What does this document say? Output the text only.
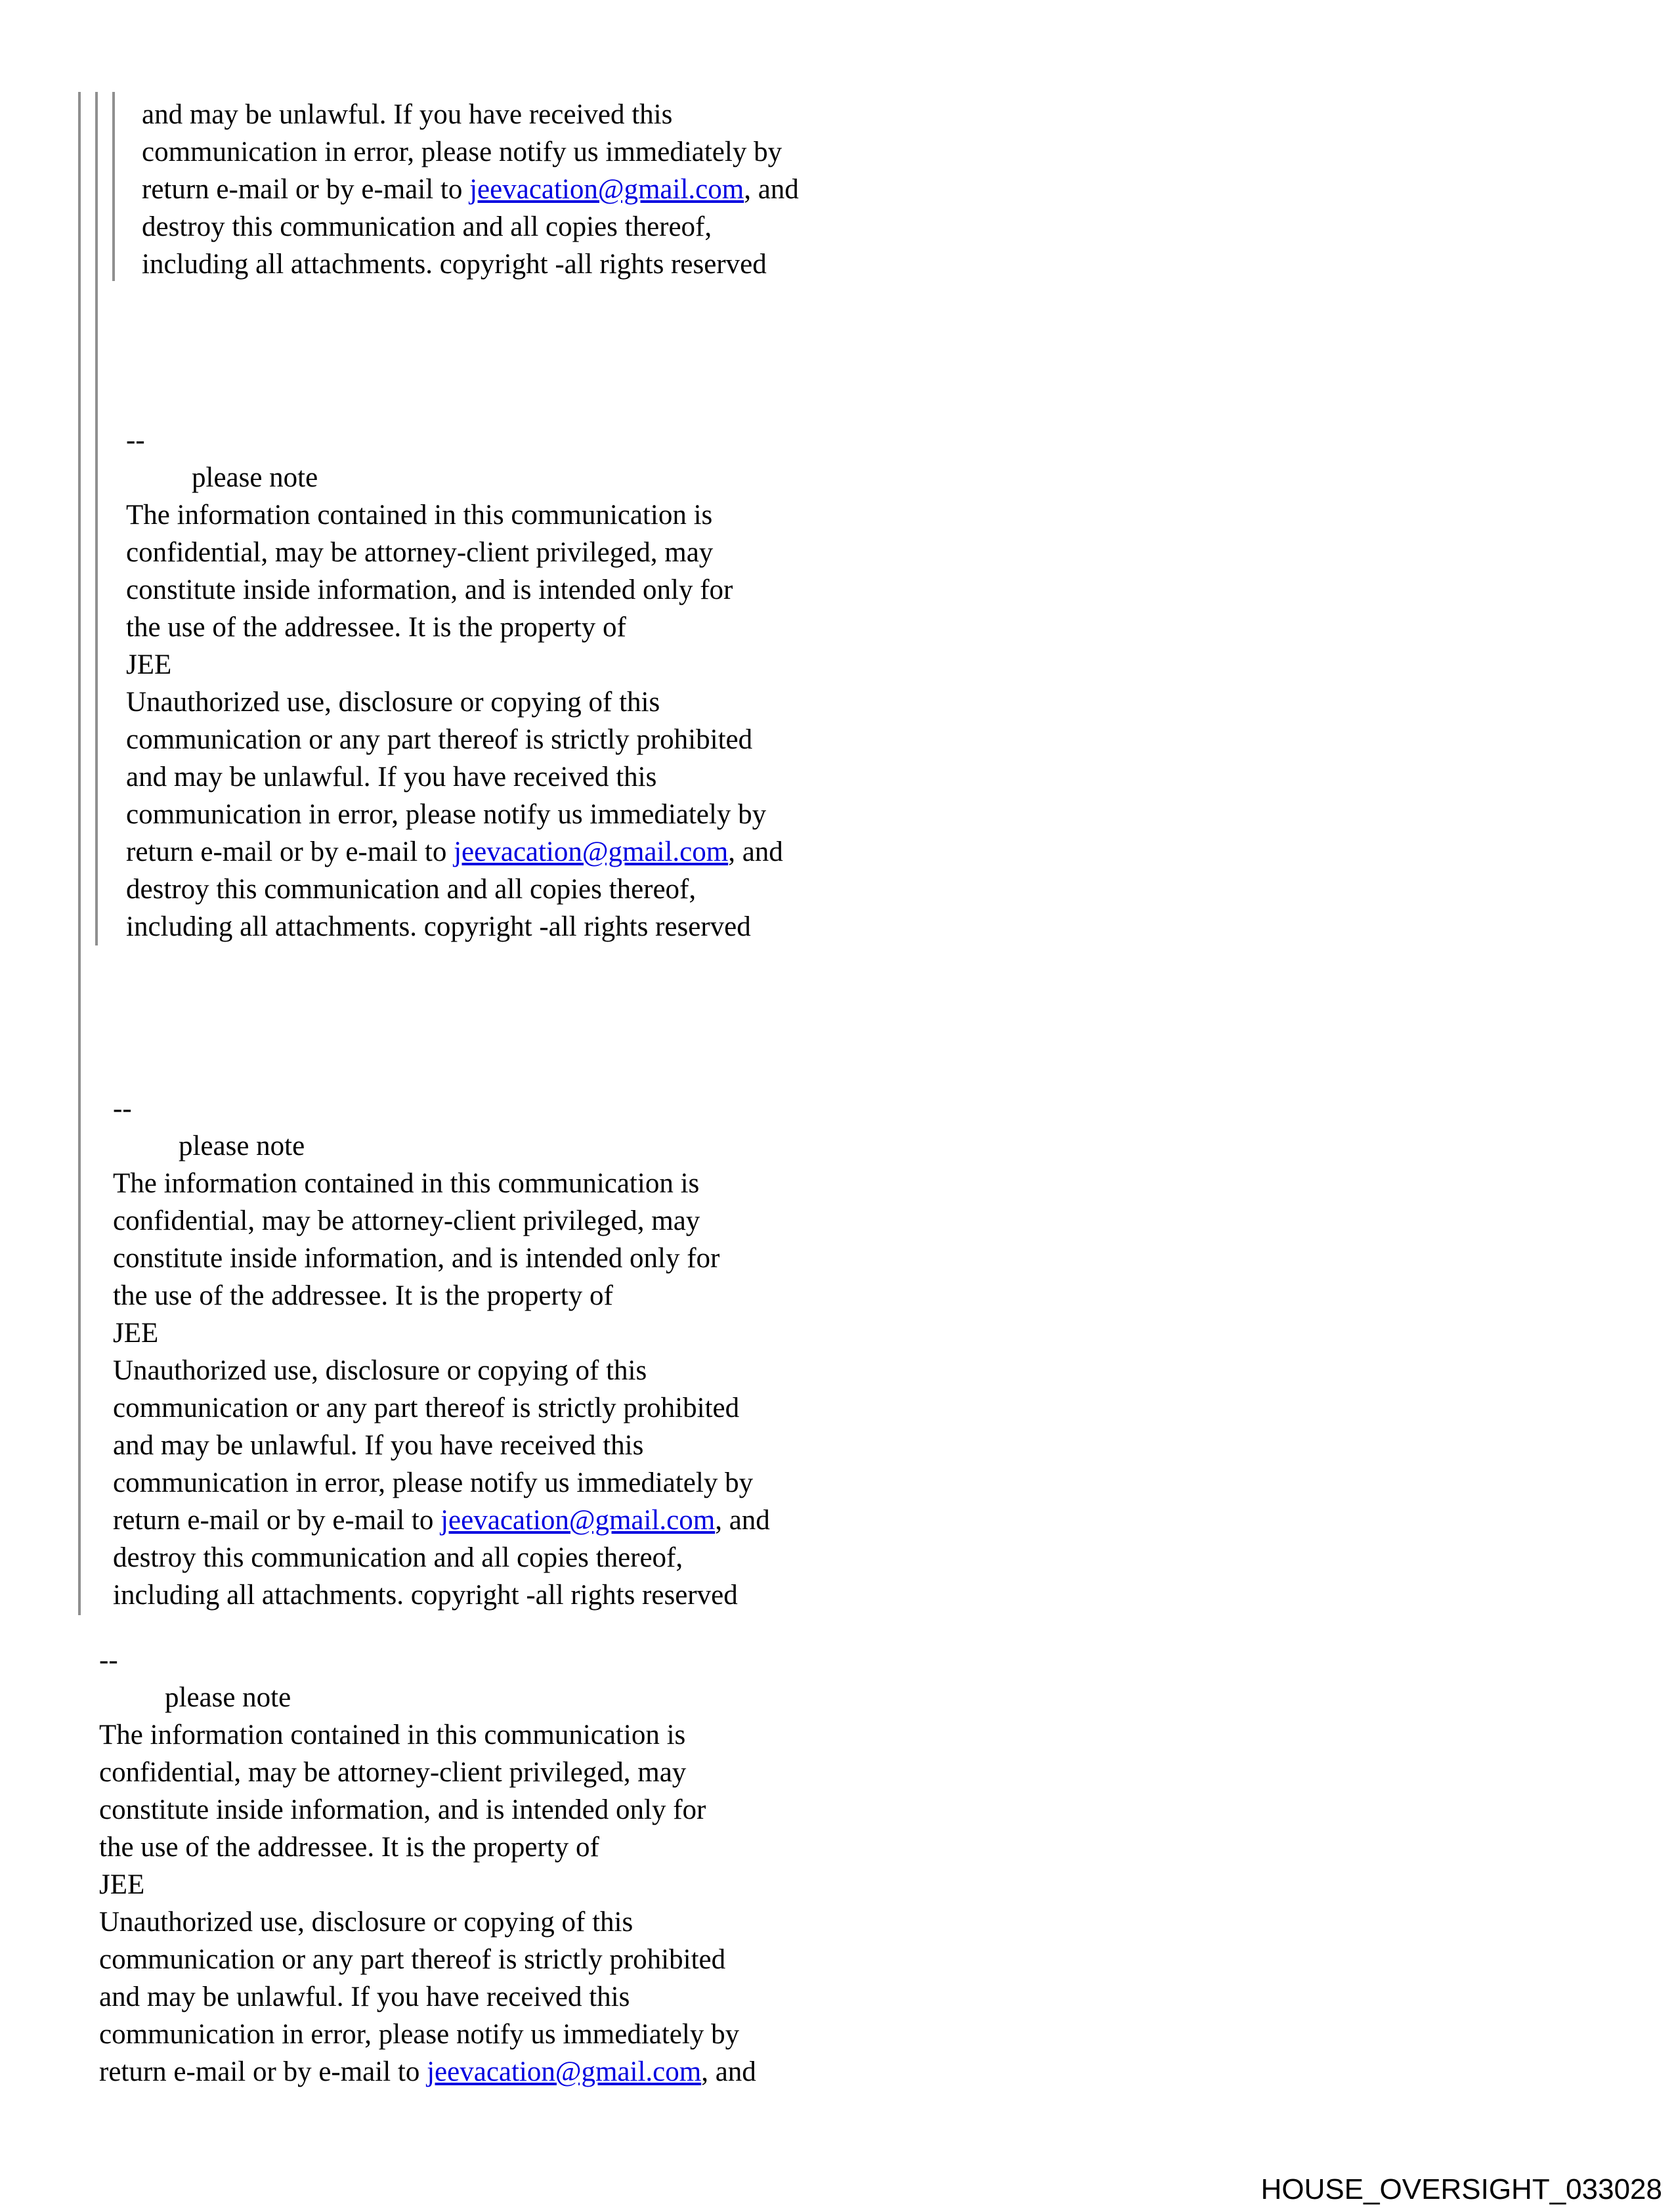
and may be unlawful. If you have received this
communication in error, please notify us immediately by
return e-mail or by e-mail to jeevacation@gmail.com, and
destroy this communication and all copies thereof,
including all attachments. copyright -all rights reserved
--
please note
The information contained in this communication is
confidential, may be attorney-client privileged, may
constitute inside information, and is intended only for
the use of the addressee. It is the property of
JEE
Unauthorized use, disclosure or copying of this
communication or any part thereof is strictly prohibited
and may be unlawful. If you have received this
communication in error, please notify us immediately by
return e-mail or by e-mail to jeevacation@gmail.com, and
destroy this communication and all copies thereof,
including all attachments. copyright -all rights reserved
--
please note
The information contained in this communication is
confidential, may be attorney-client privileged, may
constitute inside information, and is intended only for
the use of the addressee. It is the property of
JEE
Unauthorized use, disclosure or copying of this
communication or any part thereof is strictly prohibited
and may be unlawful. If you have received this
communication in error, please notify us immediately by
return e-mail or by e-mail to jeevacation@gmail.com, and
destroy this communication and all copies thereof,
including all attachments. copyright -all rights reserved
--
please note
The information contained in this communication is
confidential, may be attorney-client privileged, may
constitute inside information, and is intended only for
the use of the addressee. It is the property of
JEE
Unauthorized use, disclosure or copying of this
communication or any part thereof is strictly prohibited
and may be unlawful. If you have received this
communication in error, please notify us immediately by
return e-mail or by e-mail to jeevacation@gmail.com, and
HOUSE_OVERSIGHT_033028
